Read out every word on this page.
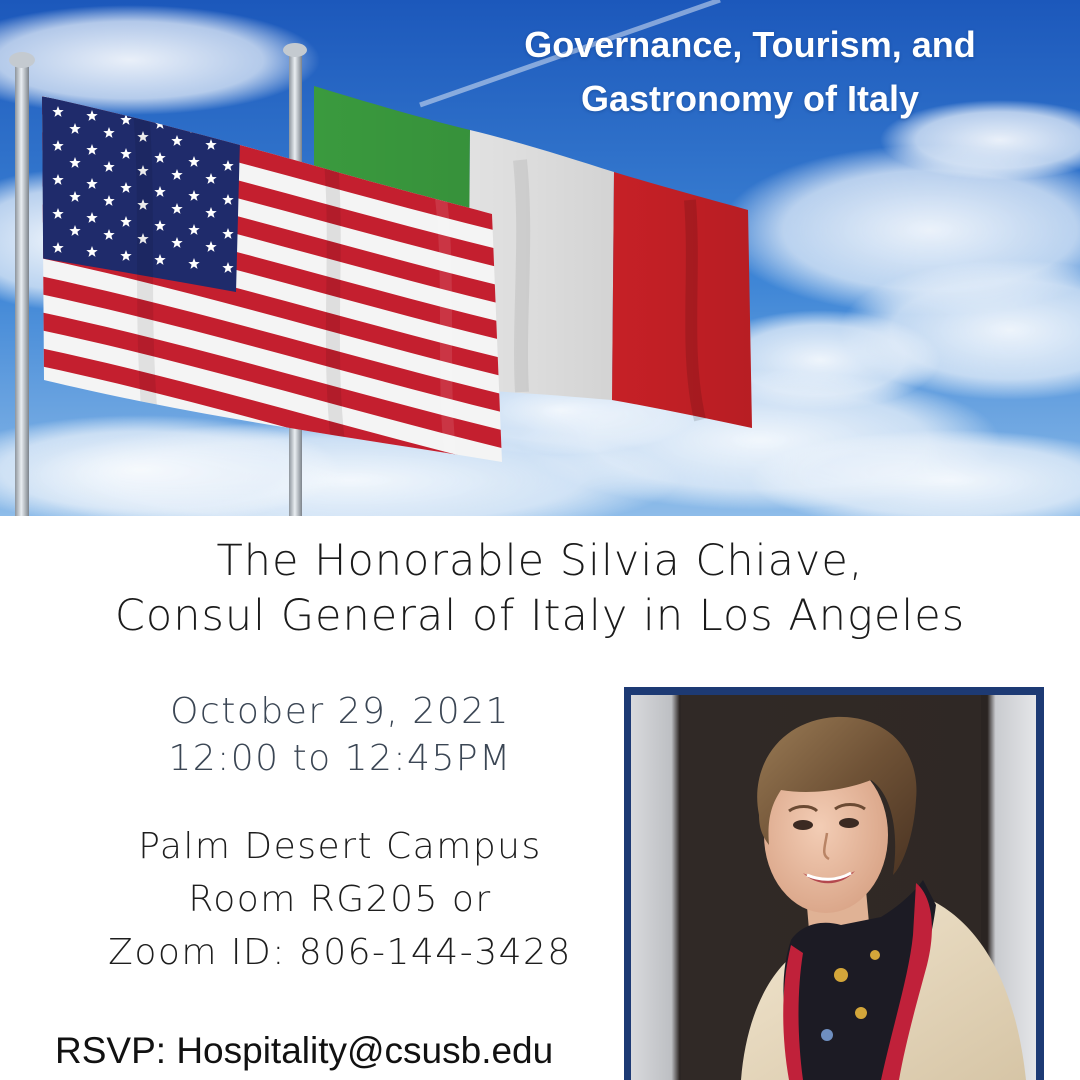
Governance, Tourism, and
Gastronomy of Italy
The Honorable Silvia Chiave,
Consul General of Italy in Los Angeles
October 29, 2021
12:00 to 12:45PM
Palm Desert Campus
Room RG205 or
Zoom ID: 806-144-3428

RSVP: Hospitality@csusb.edu
